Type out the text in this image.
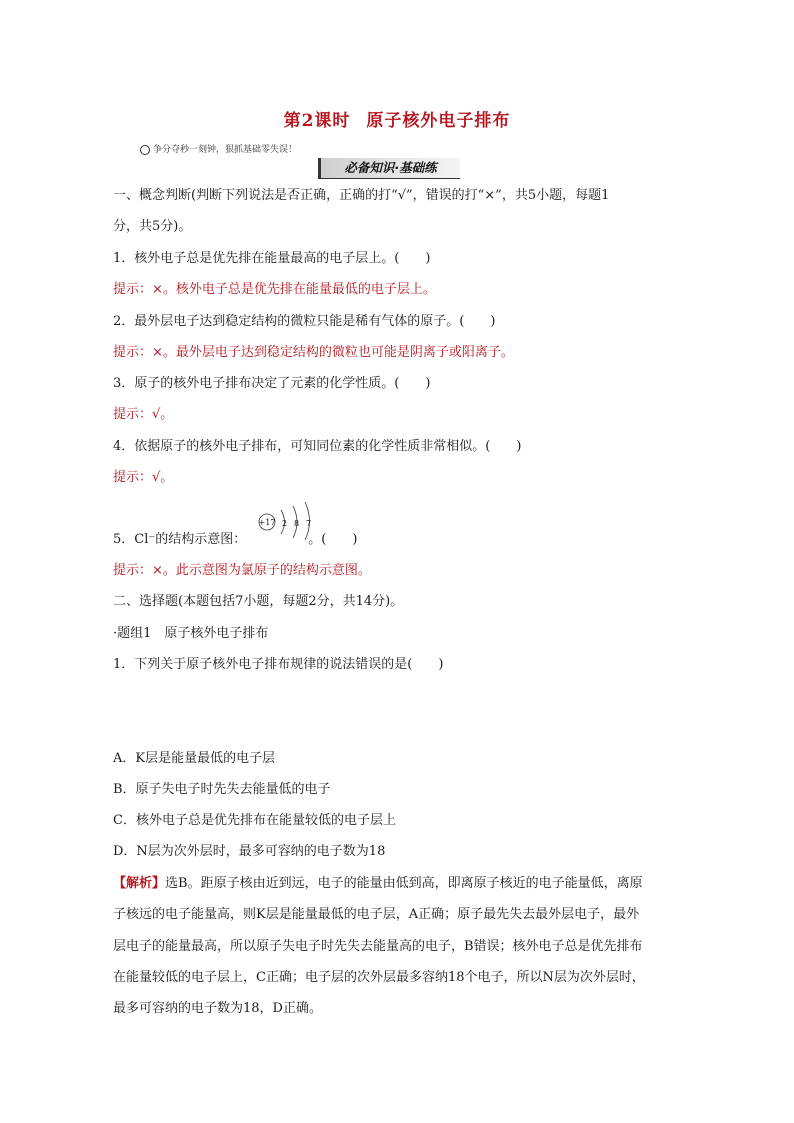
第2课时 原子核外电子排布
争分夺秒一刻钟，狠抓基础零失误！
必备知识·基础练
一、概念判断(判断下列说法是否正确，正确的打“√”，错误的打“×”，共5小题，每题1
分，共5分)。
1．核外电子总是优先排在能量最高的电子层上。(　　)
提示：×。核外电子总是优先排在能量最低的电子层上。
2．最外层电子达到稳定结构的微粒只能是稀有气体的原子。(　　)
提示：×。最外层电子达到稳定结构的微粒也可能是阴离子或阳离子。
3．原子的核外电子排布决定了元素的化学性质。(　　)
提示：√。
4．依据原子的核外电子排布，可知同位素的化学性质非常相似。(　　)
提示：√。
+17 2 8 7
5．Cl⁻的结构示意图：	。(　　)
提示：×。此示意图为氯原子的结构示意图。
二、选择题(本题包括7小题，每题2分，共14分)。
·题组1　原子核外电子排布
1．下列关于原子核外电子排布规律的说法错误的是(　　)
A．K层是能量最低的电子层
B．原子失电子时先失去能量低的电子
C．核外电子总是优先排布在能量较低的电子层上
D．N层为次外层时，最多可容纳的电子数为18
【解析】选B。距原子核由近到远，电子的能量由低到高，即离原子核近的电子能量低，离原
子核远的电子能量高，则K层是能量最低的电子层，A正确；原子最先失去最外层电子，最外
层电子的能量最高，所以原子失电子时先失去能量高的电子，B错误；核外电子总是优先排布
在能量较低的电子层上，C正确；电子层的次外层最多容纳18个电子，所以N层为次外层时，
最多可容纳的电子数为18，D正确。
